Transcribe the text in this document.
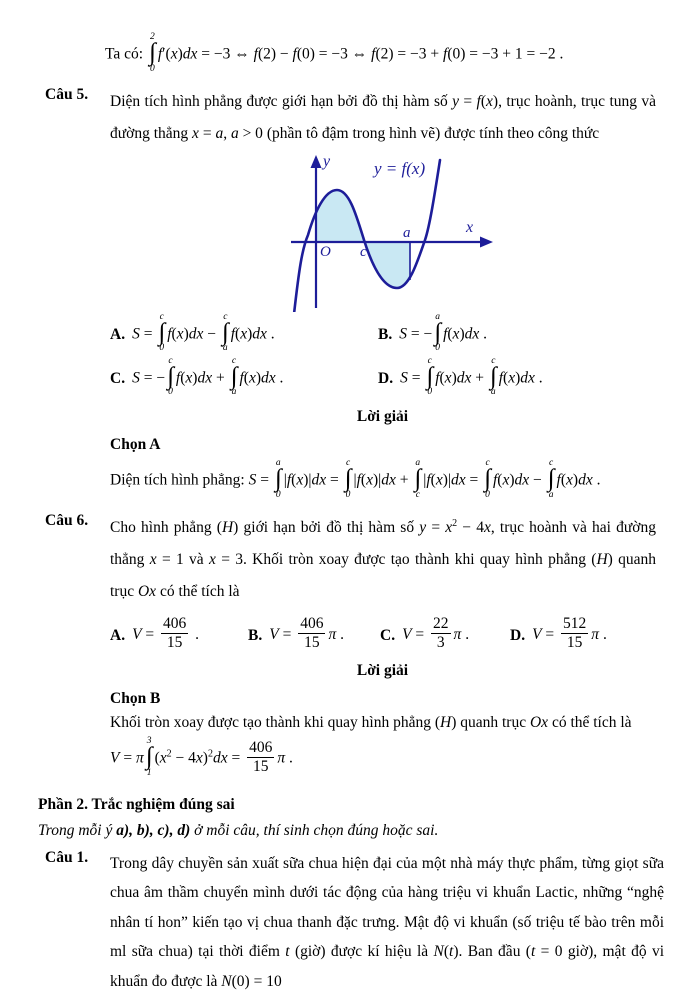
Ta có:
2
∫
0
f′(x)dx = −3 ⇔ f(2) − f(0) = −3 ⇔ f(2) = −3 + f(0) = −3 + 1 = −2 .
Câu 5.	Diện tích hình phẳng được giới hạn bởi đồ thị hàm số y = f(x), trục hoành, trục tung và đường thẳng x = a, a > 0 (phần tô đậm trong hình vẽ) được tính theo công thức
y
x
O c
a
y = f(x)
A. S =
c
∫
0
f(x)dx −
c
∫
a
f(x)dx .	B. S = −
a
∫
0
f(x)dx .
C. S = −
c
∫
0
f(x)dx +
c
∫
a
f(x)dx .	D. S =
c
∫
0
f(x)dx +
c
∫
a
f(x)dx .
Lời giải
Chọn A
Diện tích hình phẳng: S =
a
∫
0
|f(x)|dx =
c
∫
0
|f(x)|dx +
a
∫
c
|f(x)|dx =
c
∫
0
f(x)dx −
c
∫
a
f(x)dx .
Câu 6.	Cho hình phẳng (H) giới hạn bởi đồ thị hàm số $y = x^2 - 4x$, trục hoành và hai đường thẳng x = 1 và x = 3. Khối tròn xoay được tạo thành khi quay hình phẳng (H) quanh trục Ox có thể tích là
A. $V = \frac{406}{15}$ .	B. $V = \frac{406}{15}$ π . C. $V = \frac{22}{3}$ π .	D. $V = \frac{512}{15}$ π .
Lời giải
Chọn B
Khối tròn xoay được tạo thành khi quay hình phẳng (H) quanh trục Ox có thể tích là
V = π
3
∫
1
$(x^2 - 4x)^2dx = \frac{406}{15}$ π .
Phần 2. Trắc nghiệm đúng sai
Trong mỗi ý a), b), c), d) ở mỗi câu, thí sinh chọn đúng hoặc sai.
Câu 1.	Trong dây chuyền sản xuất sữa chua hiện đại của một nhà máy thực phẩm, từng giọt sữa chua âm thầm chuyển mình dưới tác động của hàng triệu vi khuẩn Lactic, những “nghệ nhân tí hon” kiến tạo vị chua thanh đặc trưng. Mật độ vi khuẩn (số triệu tế bào trên mỗi ml sữa chua) tại thời điểm t (giờ) được kí hiệu là N(t). Ban đầu (t = 0 giờ), mật độ vi khuẩn đo được là N(0) = 10
